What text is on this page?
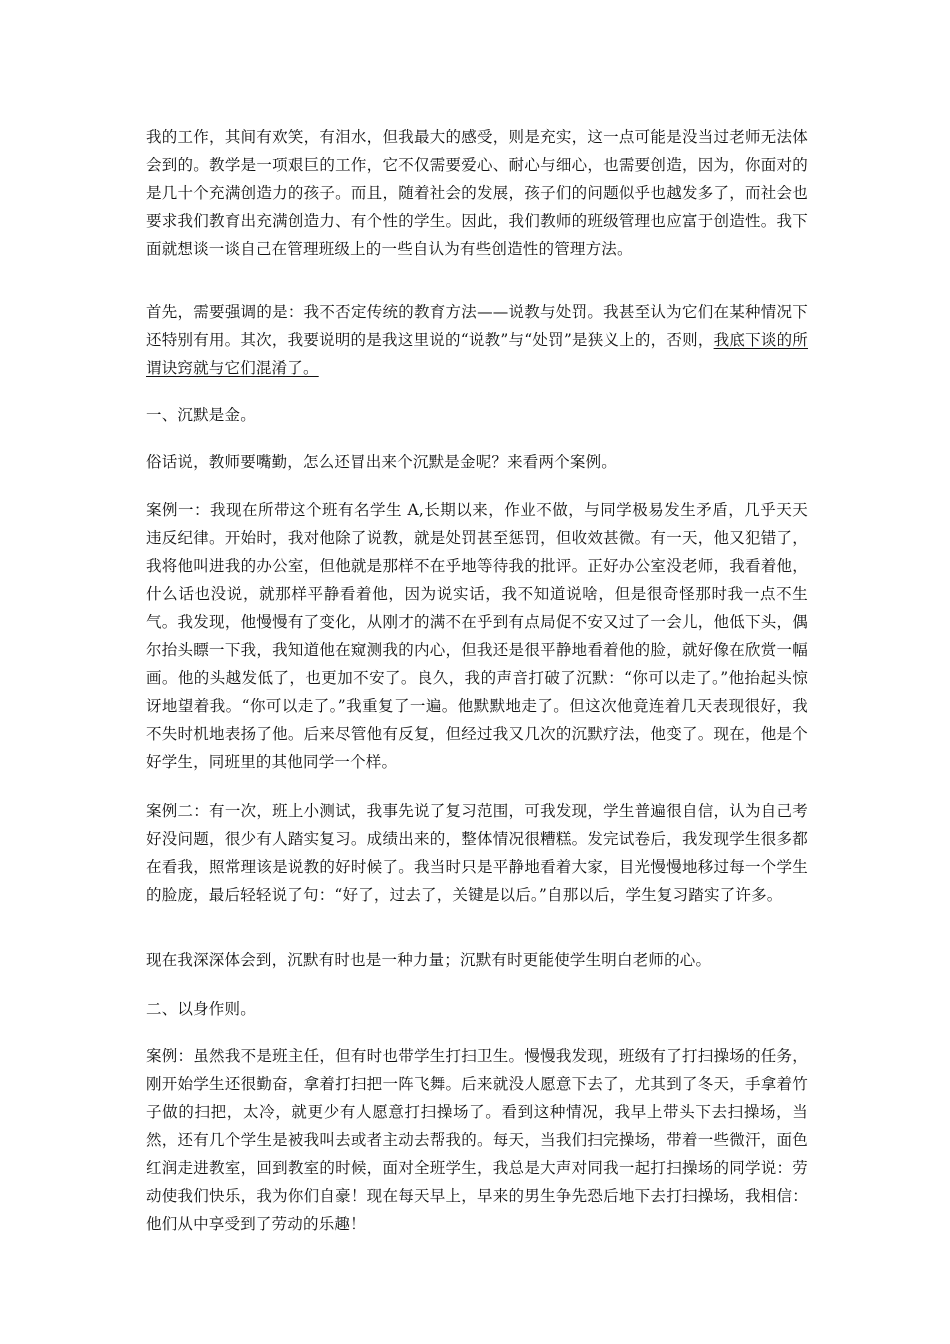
我的工作，其间有欢笑，有泪水，但我最大的感受，则是充实，这一点可能是没当过老师无法体会到的。教学是一项艰巨的工作，它不仅需要爱心、耐心与细心，也需要创造，因为，你面对的是几十个充满创造力的孩子。而且，随着社会的发展，孩子们的问题似乎也越发多了，而社会也要求我们教育出充满创造力、有个性的学生。因此，我们教师的班级管理也应富于创造性。我下面就想谈一谈自己在管理班级上的一些自认为有些创造性的管理方法。

首先，需要强调的是：我不否定传统的教育方法——说教与处罚。我甚至认为它们在某种情况下还特别有用。其次，我要说明的是我这里说的“说教”与“处罚”是狭义上的，否则，我底下谈的所谓诀窍就与它们混淆了。

一、沉默是金。

俗话说，教师要嘴勤，怎么还冒出来个沉默是金呢？来看两个案例。

案例一：我现在所带这个班有名学生 A,长期以来，作业不做，与同学极易发生矛盾，几乎天天违反纪律。开始时，我对他除了说教，就是处罚甚至惩罚，但收效甚微。有一天，他又犯错了，我将他叫进我的办公室，但他就是那样不在乎地等待我的批评。正好办公室没老师，我看着他，什么话也没说，就那样平静看着他，因为说实话，我不知道说啥，但是很奇怪那时我一点不生气。我发现，他慢慢有了变化，从刚才的满不在乎到有点局促不安又过了一会儿，他低下头，偶尔抬头瞟一下我，我知道他在窥测我的内心，但我还是很平静地看着他的脸，就好像在欣赏一幅画。他的头越发低了，也更加不安了。良久，我的声音打破了沉默：“你可以走了。”他抬起头惊讶地望着我。“你可以走了。”我重复了一遍。他默默地走了。但这次他竟连着几天表现很好，我不失时机地表扬了他。后来尽管他有反复，但经过我又几次的沉默疗法，他变了。现在，他是个好学生，同班里的其他同学一个样。

案例二：有一次，班上小测试，我事先说了复习范围，可我发现，学生普遍很自信，认为自己考好没问题，很少有人踏实复习。成绩出来的，整体情况很糟糕。发完试卷后，我发现学生很多都在看我，照常理该是说教的好时候了。我当时只是平静地看着大家，目光慢慢地移过每一个学生的脸庞，最后轻轻说了句：“好了，过去了，关键是以后。”自那以后，学生复习踏实了许多。

现在我深深体会到，沉默有时也是一种力量；沉默有时更能使学生明白老师的心。

二、以身作则。

案例：虽然我不是班主任，但有时也带学生打扫卫生。慢慢我发现，班级有了打扫操场的任务，刚开始学生还很勤奋，拿着打扫把一阵飞舞。后来就没人愿意下去了，尤其到了冬天，手拿着竹子做的扫把，太冷，就更少有人愿意打扫操场了。看到这种情况，我早上带头下去扫操场，当然，还有几个学生是被我叫去或者主动去帮我的。每天，当我们扫完操场，带着一些微汗，面色红润走进教室，回到教室的时候，面对全班学生，我总是大声对同我一起打扫操场的同学说：劳动使我们快乐，我为你们自豪！现在每天早上，早来的男生争先恐后地下去打扫操场，我相信：他们从中享受到了劳动的乐趣！
